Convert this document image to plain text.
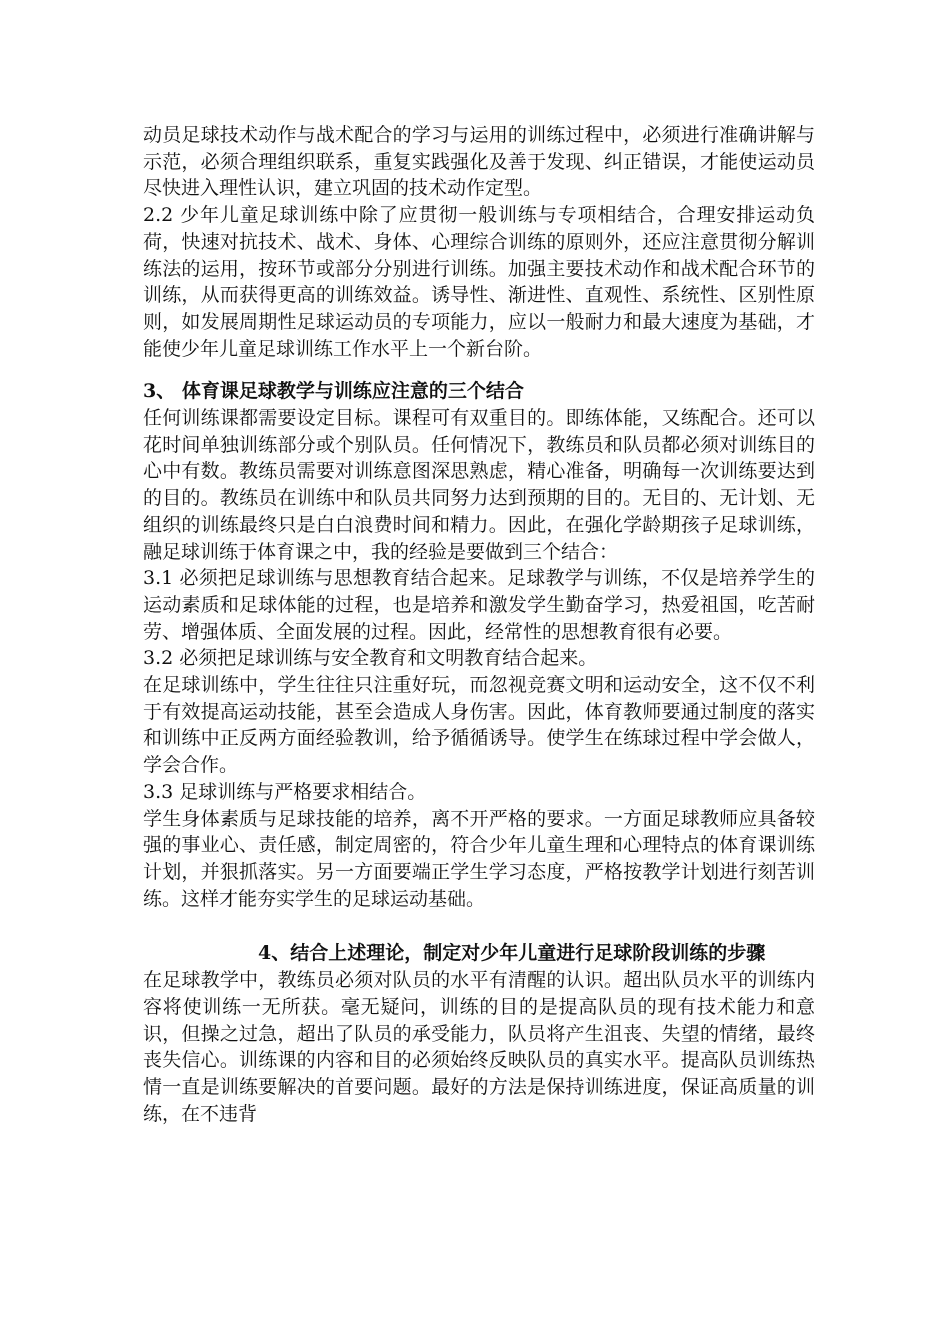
动员足球技术动作与战术配合的学习与运用的训练过程中，必须进行准确讲解与示范，必须合理组织联系，重复实践强化及善于发现、纠正错误，才能使运动员尽快进入理性认识，建立巩固的技术动作定型。

2.2 少年儿童足球训练中除了应贯彻一般训练与专项相结合，合理安排运动负荷，快速对抗技术、战术、身体、心理综合训练的原则外，还应注意贯彻分解训练法的运用，按环节或部分分别进行训练。加强主要技术动作和战术配合环节的训练，从而获得更高的训练效益。诱导性、渐进性、直观性、系统性、区别性原则，如发展周期性足球运动员的专项能力，应以一般耐力和最大速度为基础，才能使少年儿童足球训练工作水平上一个新台阶。

3、 体育课足球教学与训练应注意的三个结合

任何训练课都需要设定目标。课程可有双重目的。即练体能，又练配合。还可以花时间单独训练部分或个别队员。任何情况下，教练员和队员都必须对训练目的心中有数。教练员需要对训练意图深思熟虑，精心准备，明确每一次训练要达到的目的。教练员在训练中和队员共同努力达到预期的目的。无目的、无计划、无组织的训练最终只是白白浪费时间和精力。因此，在强化学龄期孩子足球训练，融足球训练于体育课之中，我的经验是要做到三个结合：

3.1 必须把足球训练与思想教育结合起来。足球教学与训练，不仅是培养学生的运动素质和足球体能的过程，也是培养和激发学生勤奋学习，热爱祖国，吃苦耐劳、增强体质、全面发展的过程。因此，经常性的思想教育很有必要。

3.2 必须把足球训练与安全教育和文明教育结合起来。

在足球训练中，学生往往只注重好玩，而忽视竞赛文明和运动安全，这不仅不利于有效提高运动技能，甚至会造成人身伤害。因此，体育教师要通过制度的落实和训练中正反两方面经验教训，给予循循诱导。使学生在练球过程中学会做人，学会合作。

3.3 足球训练与严格要求相结合。

学生身体素质与足球技能的培养，离不开严格的要求。一方面足球教师应具备较强的事业心、责任感，制定周密的，符合少年儿童生理和心理特点的体育课训练计划，并狠抓落实。另一方面要端正学生学习态度，严格按教学计划进行刻苦训练。这样才能夯实学生的足球运动基础。

4、结合上述理论，制定对少年儿童进行足球阶段训练的步骤

在足球教学中，教练员必须对队员的水平有清醒的认识。超出队员水平的训练内容将使训练一无所获。毫无疑问，训练的目的是提高队员的现有技术能力和意识，但操之过急，超出了队员的承受能力，队员将产生沮丧、失望的情绪，最终丧失信心。训练课的内容和目的必须始终反映队员的真实水平。提高队员训练热情一直是训练要解决的首要问题。最好的方法是保持训练进度，保证高质量的训练，在不违背
